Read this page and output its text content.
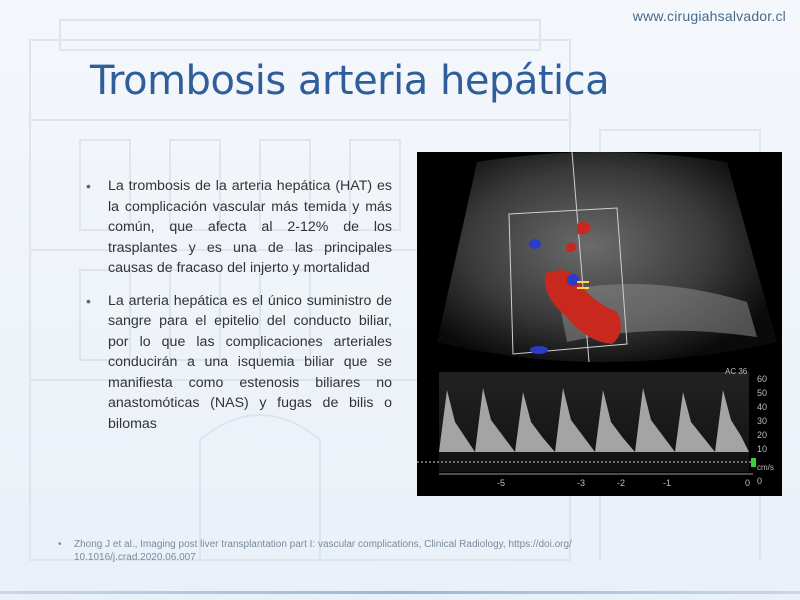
www.cirugiahsalvador.cl
Trombosis arteria hepática
• La trombosis de la arteria hepática (HAT) es la complicación vascular más temida y más común, que afecta al 2-12% de los trasplantes y es una de las principales causas de fracaso del injerto y mortalidad
• La arteria hepática es el único suministro de sangre para el epitelio del conducto biliar, por lo que las complicaciones arteriales conducirán a una isquemia biliar que se manifiesta como estenosis biliares no anastomóticas (NAS) y fugas de bilis o bilomas
AC 36
60
50
40
30
20
10
0
cm/s
-5	-3	-2	-1	0
•	Zhong J et al., Imaging post liver transplantation part I: vascular complications, Clinical Radiology, https://doi.org/ 10.1016/j.crad.2020.06.007
